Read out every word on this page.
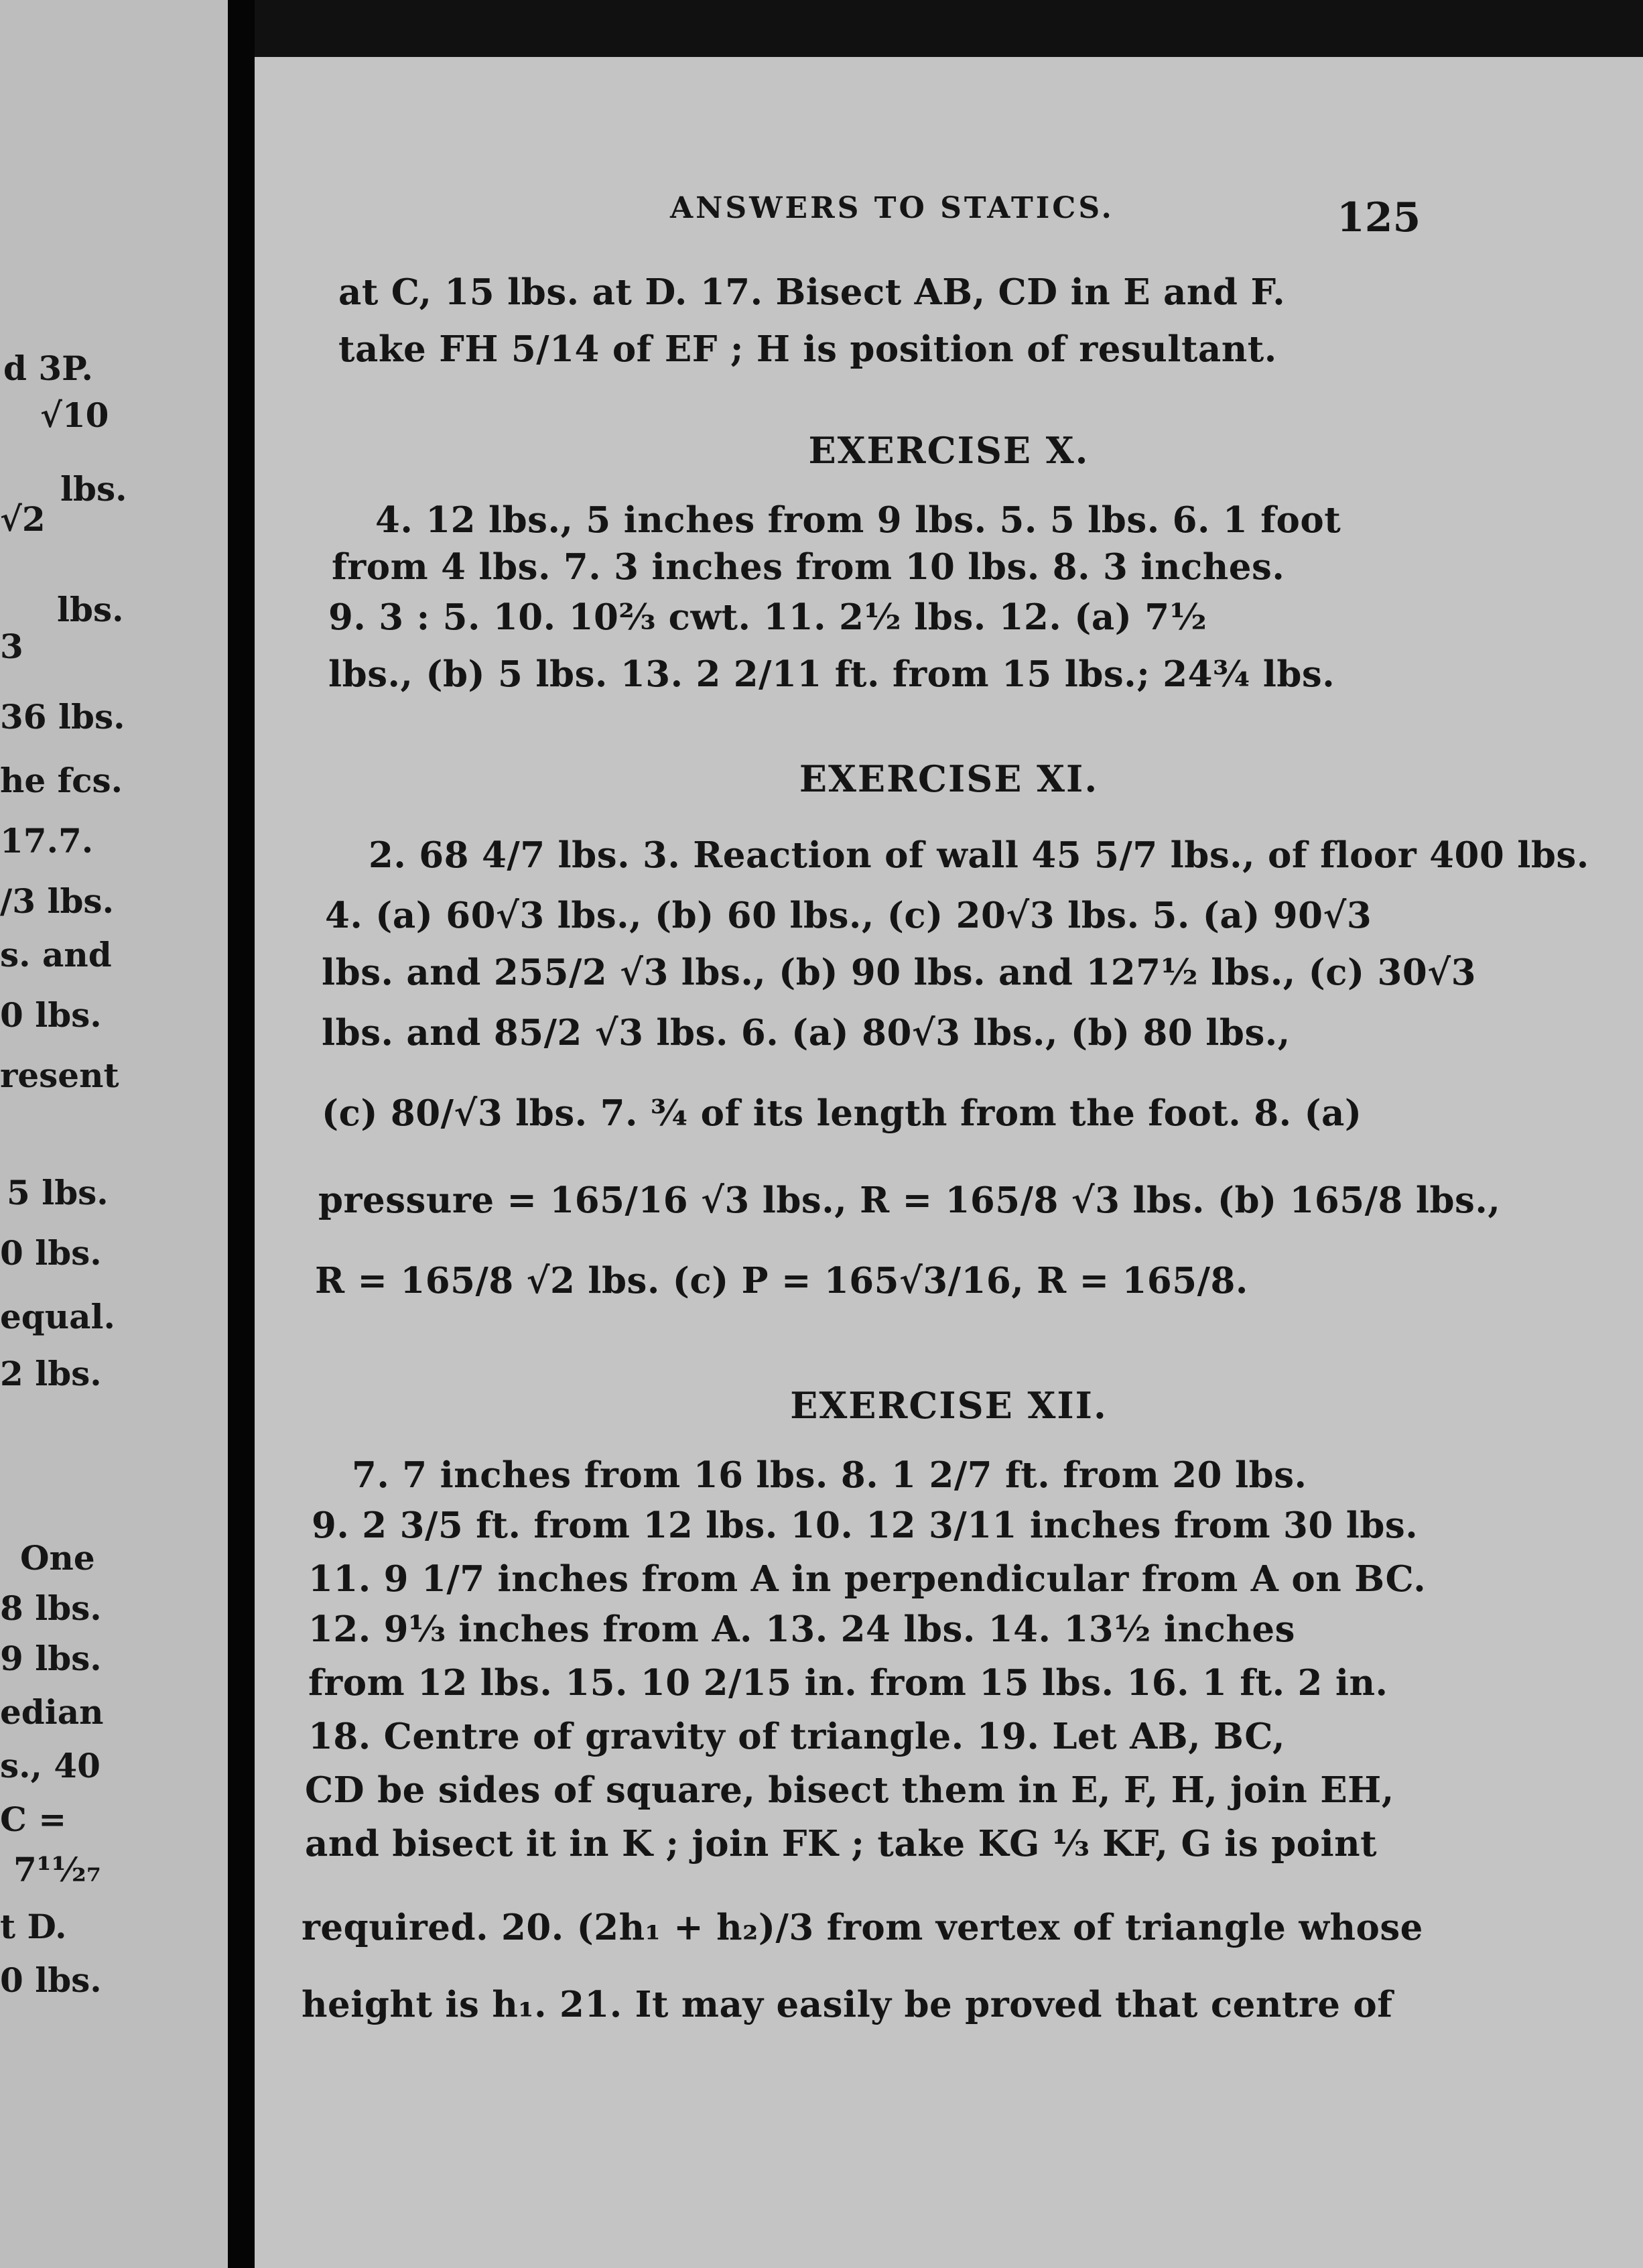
d 3P.
√10
lbs.
√2
lbs.
3
36 lbs.
he fcs.
17.7.
/3 lbs.
s. and
0 lbs.
resent
5 lbs.
0 lbs.
equal.
2 lbs.
One
8 lbs.
9 lbs.
edian
s., 40
C =
7¹¹⁄₂₇
t D.
0 lbs.
ANSWERS TO STATICS.	125
at C, 15 lbs. at D. 17. Bisect AB, CD in E and F.
take FH 5/14 of EF ; H is position of resultant.
EXERCISE X.
4. 12 lbs., 5 inches from 9 lbs. 5. 5 lbs. 6. 1 foot
from 4 lbs. 7. 3 inches from 10 lbs. 8. 3 inches.
9. 3 : 5. 10. 10⅔ cwt. 11. 2½ lbs. 12. (a) 7½
lbs., (b) 5 lbs. 13. 2 2/11 ft. from 15 lbs.; 24¾ lbs.
EXERCISE XI.
2. 68 4/7 lbs. 3. Reaction of wall 45 5/7 lbs., of floor 400 lbs.
4. (a) 60√3 lbs., (b) 60 lbs., (c) 20√3 lbs. 5. (a) 90√3
lbs. and 255/2 √3 lbs., (b) 90 lbs. and 127½ lbs., (c) 30√3
lbs. and 85/2 √3 lbs. 6. (a) 80√3 lbs., (b) 80 lbs.,
(c) 80/√3 lbs. 7. ¾ of its length from the foot. 8. (a)
pressure = 165/16 √3 lbs., R = 165/8 √3 lbs. (b) 165/8 lbs.,
R = 165/8 √2 lbs. (c) P = 165√3/16, R = 165/8.
EXERCISE XII.
7. 7 inches from 16 lbs. 8. 1 2/7 ft. from 20 lbs.
9. 2 3/5 ft. from 12 lbs. 10. 12 3/11 inches from 30 lbs.
11. 9 1/7 inches from A in perpendicular from A on BC.
12. 9⅓ inches from A. 13. 24 lbs. 14. 13½ inches
from 12 lbs. 15. 10 2/15 in. from 15 lbs. 16. 1 ft. 2 in.
18. Centre of gravity of triangle. 19. Let AB, BC,
CD be sides of square, bisect them in E, F, H, join EH,
and bisect it in K ; join FK ; take KG ⅓ KF, G is point
required. 20. (2h₁ + h₂)/3 from vertex of triangle whose
height is h₁. 21. It may easily be proved that centre of
